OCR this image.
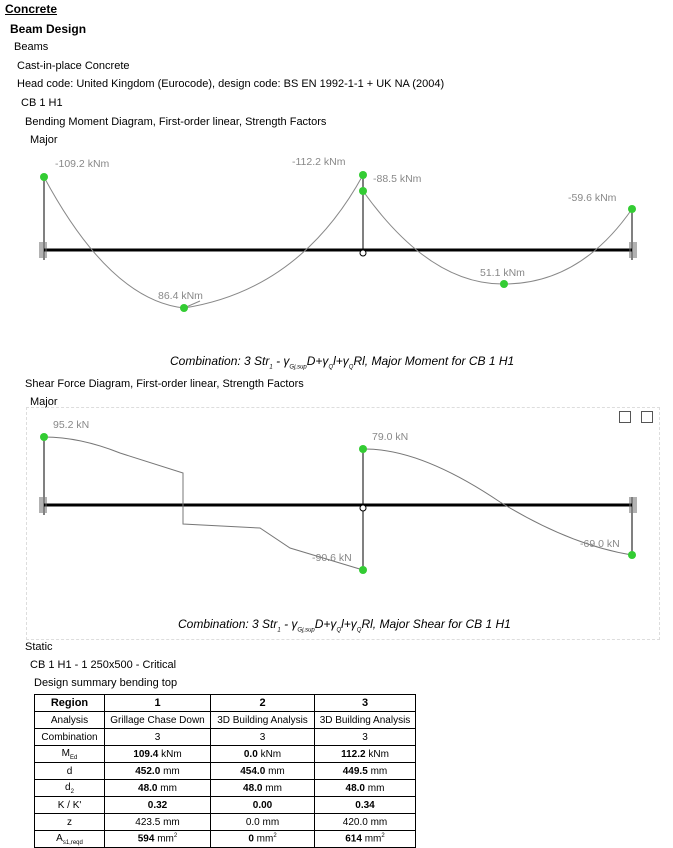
Concrete
Beam Design
Beams
Cast-in-place Concrete
Head code: United Kingdom (Eurocode), design code: BS EN 1992-1-1 + UK NA (2004)
CB 1 H1
Bending Moment Diagram, First-order linear, Strength Factors
Major
-109.2 kNm	-112.2 kNm
-88.5 kNm
-59.6 kNm
86.4 kNm
51.1 kNm
Combination: 3 $Str_1 - \gamma_{Gj,sup}D+\gamma_Ql+\gamma_QRl$, Major Moment for CB 1 H1
Shear Force Diagram, First-order linear, Strength Factors
Major
95.2 kN
79.0 kN
-90.6 kN
-69.0 kN
Combination: 3 $Str_1 - \gamma_{Gj,sup}D+\gamma_Ql+\gamma_QRl$, Major Shear for CB 1 H1
Static
CB 1 H1 - 1 250x500 - Critical
Design summary bending top
Region	1	2	3
Analysis	Grillage Chase Down	3D Building Analysis	3D Building Analysis
Combination	3	3	3
$M_{Ed}$	109.4 kNm	0.0 kNm	112.2 kNm
d	452.0 mm	454.0 mm	449.5 mm
$d_2$	48.0 mm	48.0 mm	48.0 mm
K / K'	0.32	0.00	0.34
z	423.5 mm	0.0 mm	420.0 mm
$A_{s1,reqd}$	594 $mm^2$	0 $mm^2$	614 $mm^2$
